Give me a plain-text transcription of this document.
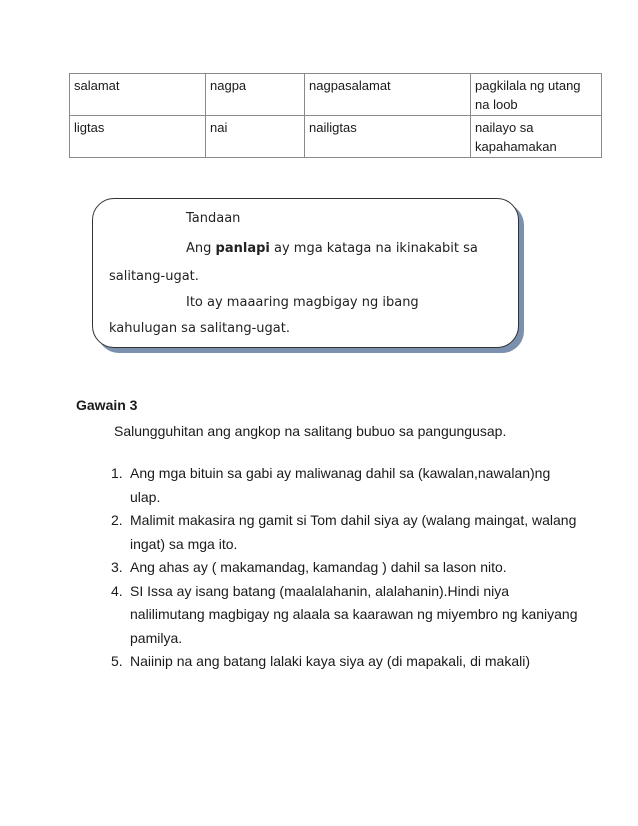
salamat	nagpa	nagpasalamat	pagkilala ng utang na loob
ligtas	nai	nailigtas	nailayo sa kapahamakan
Tandaan
Ang panlapi ay mga kataga na ikinakabit sa
salitang-ugat.
Ito ay maaaring magbigay ng ibang
kahulugan sa salitang-ugat.
Gawain 3
Salungguhitan ang angkop na salitang bubuo sa pangungusap.
1. Ang mga bituin sa gabi ay maliwanag dahil sa (kawalan,nawalan)ng ulap.
2. Malimit makasira ng gamit si Tom dahil siya ay (walang maingat, walang ingat) sa mga ito.
3. Ang ahas ay ( makamandag, kamandag ) dahil sa lason nito.
4. SI Issa ay isang batang (maalalahanin, alalahanin).Hindi niya nalilimutang magbigay ng alaala sa kaarawan ng miyembro ng kaniyang pamilya.
5. Naiinip na ang batang lalaki kaya siya ay (di mapakali, di makali)
